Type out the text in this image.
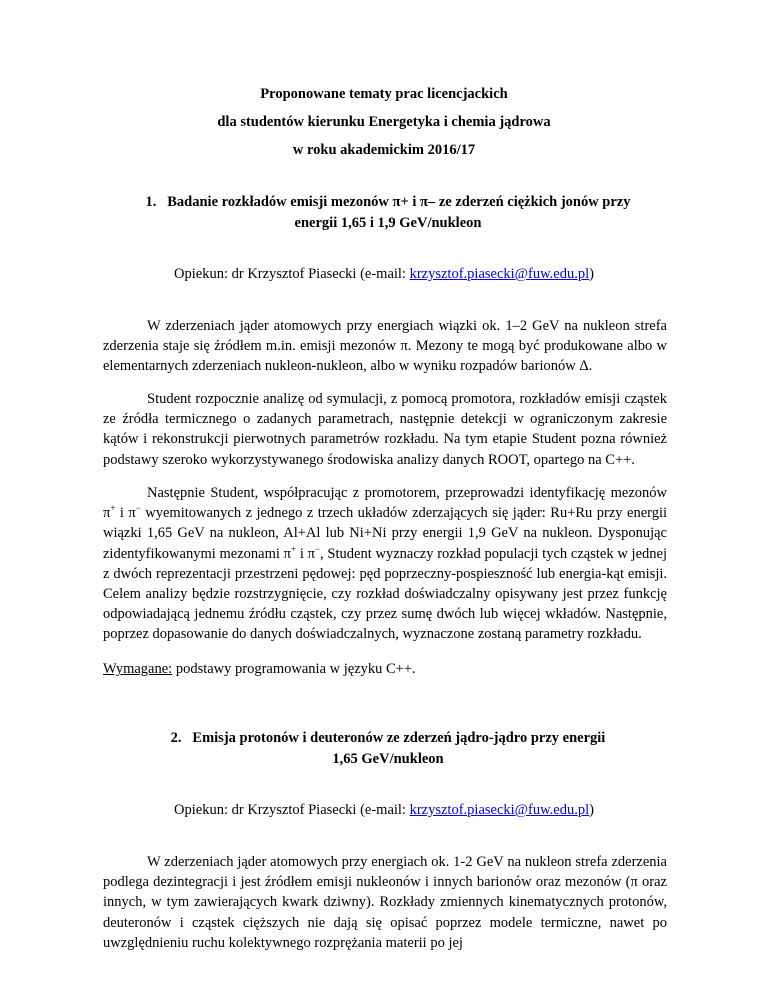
Proponowane tematy prac licencjackich
dla studentów kierunku Energetyka i chemia jądrowa
w roku akademickim 2016/17
1. Badanie rozkładów emisji mezonów π+ i π– ze zderzeń ciężkich jonów przy
energii 1,65 i 1,9 GeV/nukleon
Opiekun: dr Krzysztof Piasecki (e-mail: krzysztof.piasecki@fuw.edu.pl)

W zderzeniach jąder atomowych przy energiach wiązki ok. 1–2 GeV na nukleon strefa zderzenia staje się źródłem m.in. emisji mezonów π. Mezony te mogą być produkowane albo w elementarnych zderzeniach nukleon-nukleon, albo w wyniku rozpadów barionów Δ.

Student rozpocznie analizę od symulacji, z pomocą promotora, rozkładów emisji cząstek ze źródła termicznego o zadanych parametrach, następnie detekcji w ograniczonym zakresie kątów i rekonstrukcji pierwotnych parametrów rozkładu. Na tym etapie Student pozna również podstawy szeroko wykorzystywanego środowiska analizy danych ROOT, opartego na C++.

Następnie Student, współpracując z promotorem, przeprowadzi identyfikację mezonów π+ i π− wyemitowanych z jednego z trzech układów zderzających się jąder: Ru+Ru przy energii wiązki 1,65 GeV na nukleon, Al+Al lub Ni+Ni przy energii 1,9 GeV na nukleon. Dysponując zidentyfikowanymi mezonami π+ i π−, Student wyznaczy rozkład populacji tych cząstek w jednej z dwóch reprezentacji przestrzeni pędowej: pęd poprzeczny-pospieszność lub energia-kąt emisji. Celem analizy będzie rozstrzygnięcie, czy rozkład doświadczalny opisywany jest przez funkcję odpowiadającą jednemu źródłu cząstek, czy przez sumę dwóch lub więcej wkładów. Następnie, poprzez dopasowanie do danych doświadczalnych, wyznaczone zostaną parametry rozkładu.

Wymagane: podstawy programowania w języku C++.

2. Emisja protonów i deuteronów ze zderzeń jądro-jądro przy energii
1,65 GeV/nukleon
Opiekun: dr Krzysztof Piasecki (e-mail: krzysztof.piasecki@fuw.edu.pl)

W zderzeniach jąder atomowych przy energiach ok. 1-2 GeV na nukleon strefa zderzenia podlega dezintegracji i jest źródłem emisji nukleonów i innych barionów oraz mezonów (π oraz innych, w tym zawierających kwark dziwny). Rozkłady zmiennych kinematycznych protonów, deuteronów i cząstek cięższych nie dają się opisać poprzez modele termiczne, nawet po uwzględnieniu ruchu kolektywnego rozprężania materii po jej
